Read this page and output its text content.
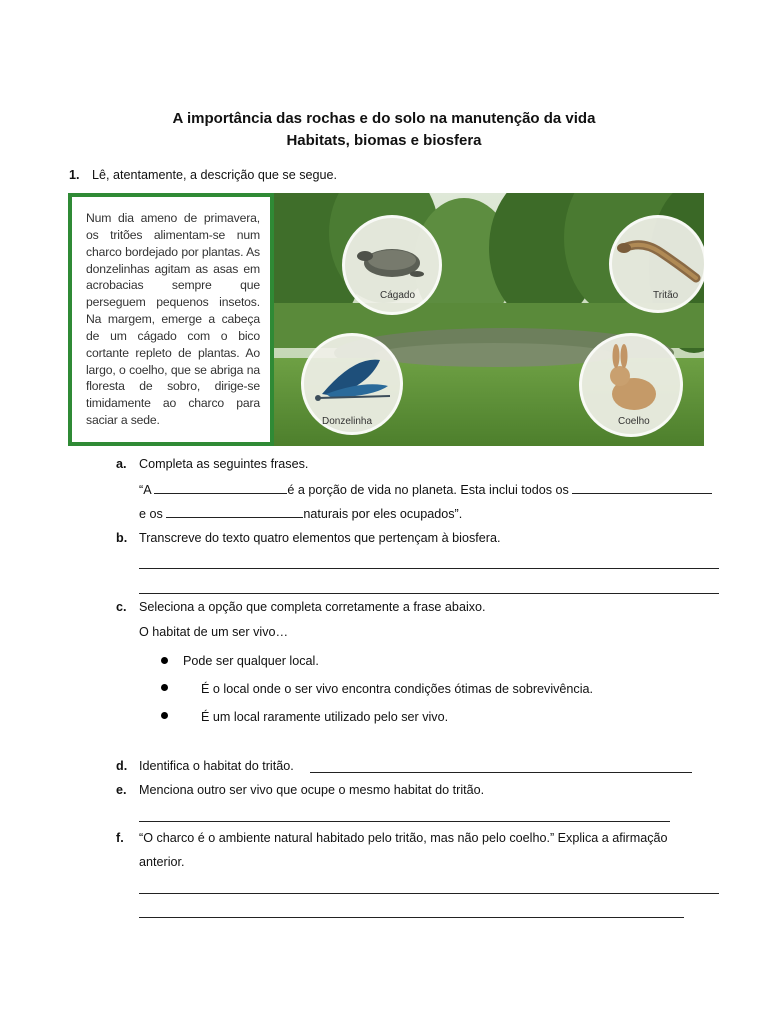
A importância das rochas e do solo na manutenção da vida
Habitats, biomas e biosfera
1. Lê, atentamente, a descrição que se segue.

Num dia ameno de primavera, os tritões alimentam-se num charco bordejado por plantas. As donzelinhas agitam as asas em acrobacias sempre que perseguem pequenos insetos. Na margem, emerge a cabeça de um cágado com o bico cortante repleto de plantas. Ao largo, o coelho, que se abriga na floresta de sobro, dirige-se timidamente ao charco para saciar a sede.

Cágado	Tritão
Donzelinha	Coelho
a. Completa as seguintes frases.
“A	é a porção de vida no planeta. Esta inclui todos os
e os	naturais por eles ocupados”.
b. Transcreve do texto quatro elementos que pertençam à biosfera.
c. Seleciona a opção que completa corretamente a frase abaixo.
O habitat de um ser vivo…
Pode ser qualquer local.
É o local onde o ser vivo encontra condições ótimas de sobrevivência.
É um local raramente utilizado pelo ser vivo.
d. Identifica o habitat do tritão.
e. Menciona outro ser vivo que ocupe o mesmo habitat do tritão.
f. “O charco é o ambiente natural habitado pelo tritão, mas não pelo coelho.” Explica a afirmação
anterior.
